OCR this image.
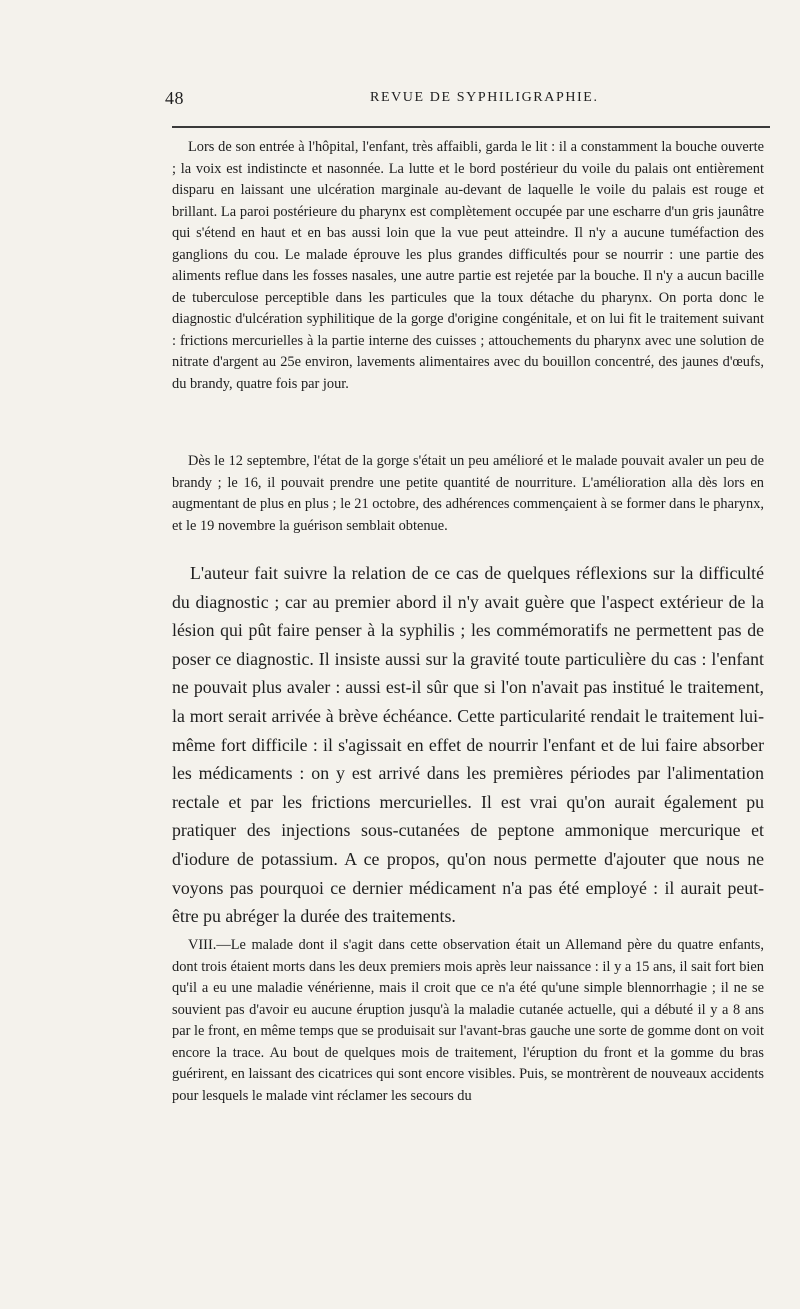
48	REVUE DE SYPHILIGRAPHIE.

Lors de son entrée à l'hôpital, l'enfant, très affaibli, garda le lit : il a constamment la bouche ouverte ; la voix est indistincte et nasonnée. La lutte et le bord postérieur du voile du palais ont entièrement disparu en laissant une ulcération marginale au-devant de laquelle le voile du palais est rouge et brillant. La paroi postérieure du pharynx est complètement occupée par une escharre d'un gris jaunâtre qui s'étend en haut et en bas aussi loin que la vue peut atteindre. Il n'y a aucune tuméfaction des ganglions du cou. Le malade éprouve les plus grandes difficultés pour se nourrir : une partie des aliments reflue dans les fosses nasales, une autre partie est rejetée par la bouche. Il n'y a aucun bacille de tuberculose perceptible dans les particules que la toux détache du pharynx. On porta donc le diagnostic d'ulcération syphilitique de la gorge d'origine congénitale, et on lui fit le traitement suivant : frictions mercurielles à la partie interne des cuisses ; attouchements du pharynx avec une solution de nitrate d'argent au 25e environ, lavements alimentaires avec du bouillon concentré, des jaunes d'œufs, du brandy, quatre fois par jour.

Dès le 12 septembre, l'état de la gorge s'était un peu amélioré et le malade pouvait avaler un peu de brandy ; le 16, il pouvait prendre une petite quantité de nourriture. L'amélioration alla dès lors en augmentant de plus en plus ; le 21 octobre, des adhérences commençaient à se former dans le pharynx, et le 19 novembre la guérison semblait obtenue.

L'auteur fait suivre la relation de ce cas de quelques réflexions sur la difficulté du diagnostic ; car au premier abord il n'y avait guère que l'aspect extérieur de la lésion qui pût faire penser à la syphilis ; les commémoratifs ne permettent pas de poser ce diagnostic. Il insiste aussi sur la gravité toute particulière du cas : l'enfant ne pouvait plus avaler : aussi est-il sûr que si l'on n'avait pas institué le traitement, la mort serait arrivée à brève échéance. Cette particularité rendait le traitement lui-même fort difficile : il s'agissait en effet de nourrir l'enfant et de lui faire absorber les médicaments : on y est arrivé dans les premières périodes par l'alimentation rectale et par les frictions mercurielles. Il est vrai qu'on aurait également pu pratiquer des injections sous-cutanées de peptone ammonique mercurique et d'iodure de potassium. A ce propos, qu'on nous permette d'ajouter que nous ne voyons pas pourquoi ce dernier médicament n'a pas été employé : il aurait peut-être pu abréger la durée des traitements.

VIII.—Le malade dont il s'agit dans cette observation était un Allemand père du quatre enfants, dont trois étaient morts dans les deux premiers mois après leur naissance : il y a 15 ans, il sait fort bien qu'il a eu une maladie vénérienne, mais il croit que ce n'a été qu'une simple blennorrhagie ; il ne se souvient pas d'avoir eu aucune éruption jusqu'à la maladie cutanée actuelle, qui a débuté il y a 8 ans par le front, en même temps que se produisait sur l'avant-bras gauche une sorte de gomme dont on voit encore la trace. Au bout de quelques mois de traitement, l'éruption du front et la gomme du bras guérirent, en laissant des cicatrices qui sont encore visibles. Puis, se montrèrent de nouveaux accidents pour lesquels le malade vint réclamer les secours du
